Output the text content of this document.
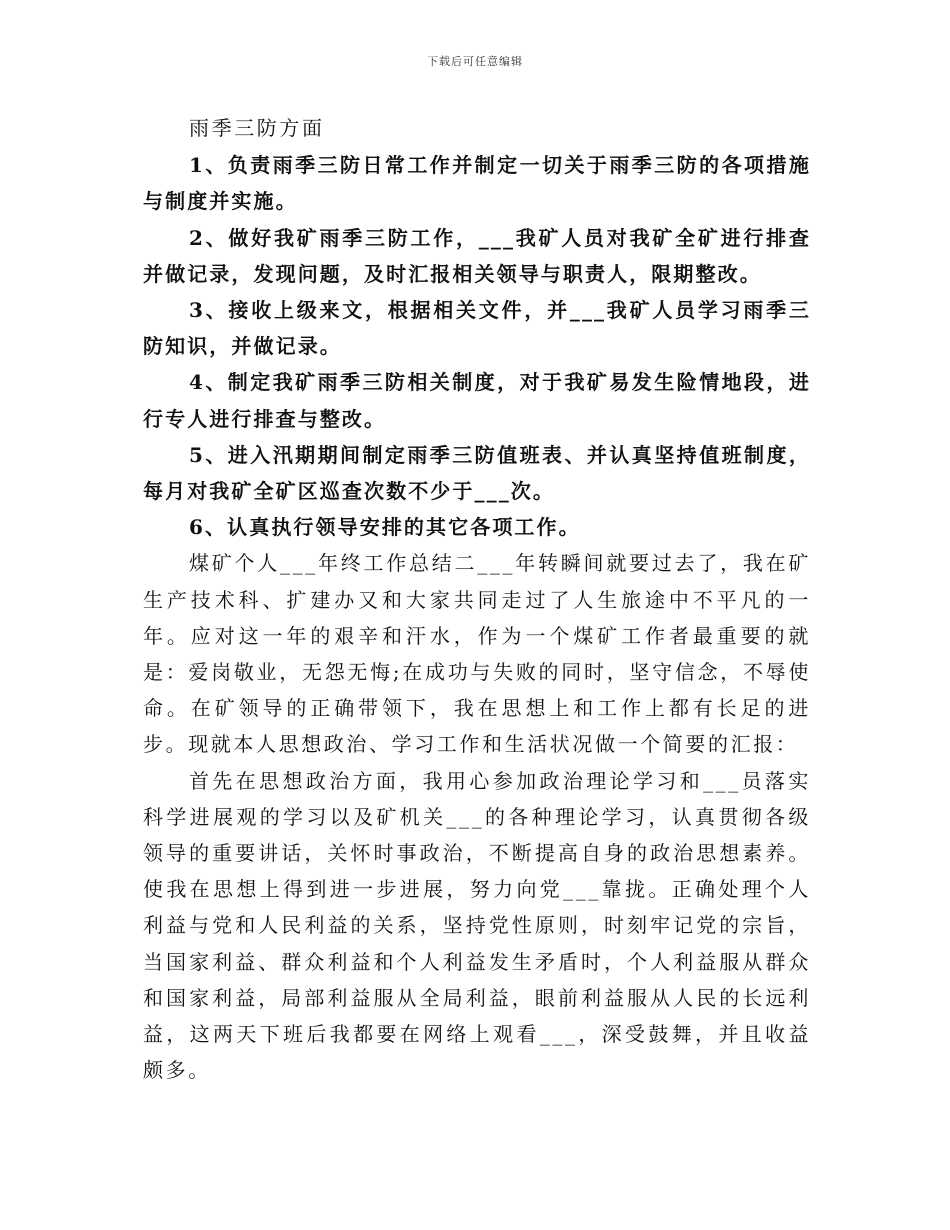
下载后可任意编辑

雨季三防方面

1、负责雨季三防日常工作并制定一切关于雨季三防的各项措施与制度并实施。

2、做好我矿雨季三防工作，___我矿人员对我矿全矿进行排查并做记录，发现问题，及时汇报相关领导与职责人，限期整改。

3、接收上级来文，根据相关文件，并___我矿人员学习雨季三防知识，并做记录。

4、制定我矿雨季三防相关制度，对于我矿易发生险情地段，进行专人进行排查与整改。

5、进入汛期期间制定雨季三防值班表、并认真坚持值班制度，每月对我矿全矿区巡查次数不少于___次。

6、认真执行领导安排的其它各项工作。

煤矿个人___年终工作总结二___年转瞬间就要过去了，我在矿生产技术科、扩建办又和大家共同走过了人生旅途中不平凡的一年。应对这一年的艰辛和汗水，作为一个煤矿工作者最重要的就是：爱岗敬业，无怨无悔;在成功与失败的同时，坚守信念，不辱使命。在矿领导的正确带领下，我在思想上和工作上都有长足的进步。现就本人思想政治、学习工作和生活状况做一个简要的汇报：

首先在思想政治方面，我用心参加政治理论学习和___员落实科学进展观的学习以及矿机关___的各种理论学习，认真贯彻各级领导的重要讲话，关怀时事政治，不断提高自身的政治思想素养。使我在思想上得到进一步进展，努力向党___靠拢。正确处理个人利益与党和人民利益的关系，坚持党性原则，时刻牢记党的宗旨，当国家利益、群众利益和个人利益发生矛盾时，个人利益服从群众和国家利益，局部利益服从全局利益，眼前利益服从人民的长远利益，这两天下班后我都要在网络上观看___，深受鼓舞，并且收益颇多。
